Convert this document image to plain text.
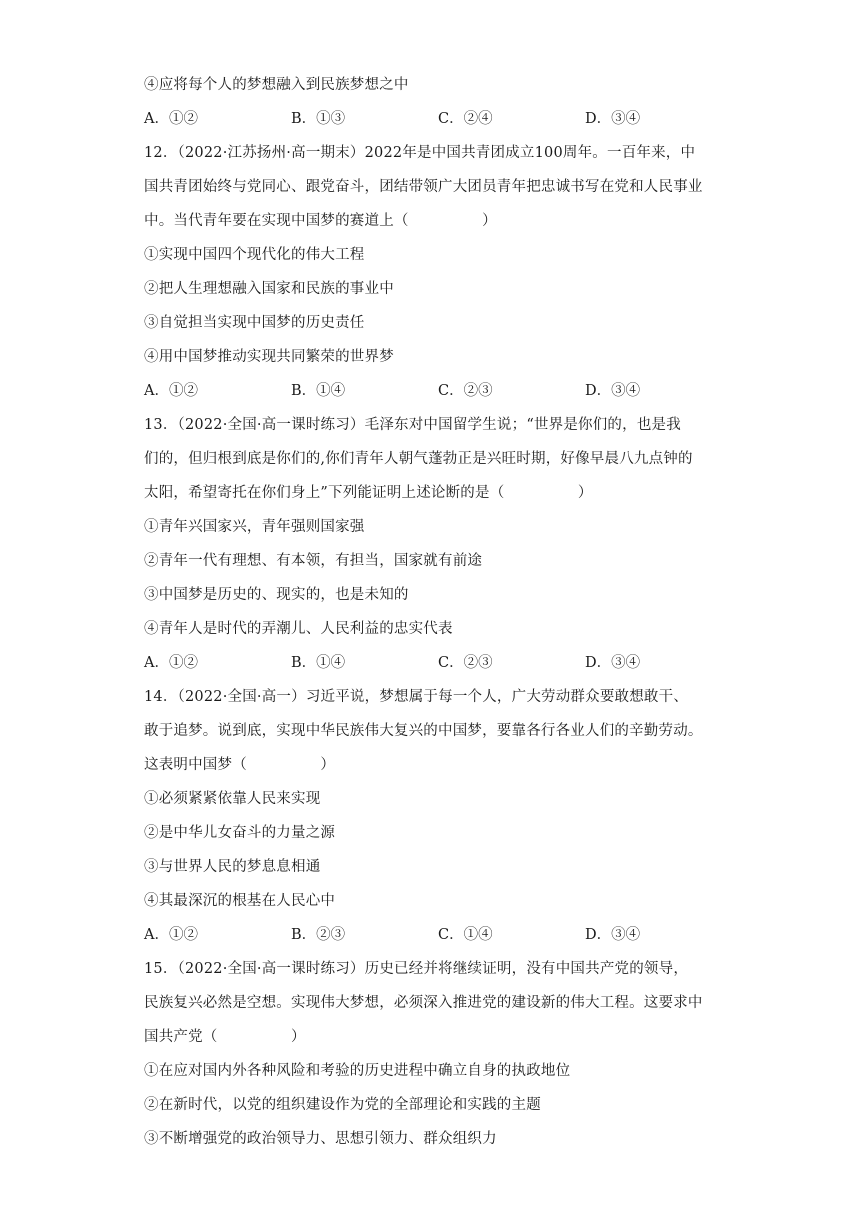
④应将每个人的梦想融入到民族梦想之中
A．①②	B．①③	C．②④	D．③④
12．（2022·江苏扬州·高一期末）2022年是中国共青团成立100周年。一百年来，中
国共青团始终与党同心、跟党奋斗，团结带领广大团员青年把忠诚书写在党和人民事业
中。当代青年要在实现中国梦的赛道上（　　　　　）
①实现中国四个现代化的伟大工程
②把人生理想融入国家和民族的事业中
③自觉担当实现中国梦的历史责任
④用中国梦推动实现共同繁荣的世界梦
A．①②	B．①④	C．②③	D．③④
13．（2022·全国·高一课时练习）毛泽东对中国留学生说；“世界是你们的，也是我
们的，但归根到底是你们的,你们青年人朝气蓬勃正是兴旺时期，好像早晨八九点钟的
太阳，希望寄托在你们身上”下列能证明上述论断的是（　　　　　）
①青年兴国家兴，青年强则国家强
②青年一代有理想、有本领，有担当，国家就有前途
③中国梦是历史的、现实的，也是未知的
④青年人是时代的弄潮儿、人民利益的忠实代表
A．①②	B．①④	C．②③	D．③④
14．（2022·全国·高一）习近平说，梦想属于每一个人，广大劳动群众要敢想敢干、
敢于追梦。说到底，实现中华民族伟大复兴的中国梦，要靠各行各业人们的辛勤劳动。
这表明中国梦（　　　　　）
①必须紧紧依靠人民来实现
②是中华儿女奋斗的力量之源
③与世界人民的梦息息相通
④其最深沉的根基在人民心中
A．①②	B．②③	C．①④	D．③④
15．（2022·全国·高一课时练习）历史已经并将继续证明，没有中国共产党的领导，
民族复兴必然是空想。实现伟大梦想，必须深入推进党的建设新的伟大工程。这要求中
国共产党（　　　　　）
①在应对国内外各种风险和考验的历史进程中确立自身的执政地位
②在新时代，以党的组织建设作为党的全部理论和实践的主题
③不断增强党的政治领导力、思想引领力、群众组织力
